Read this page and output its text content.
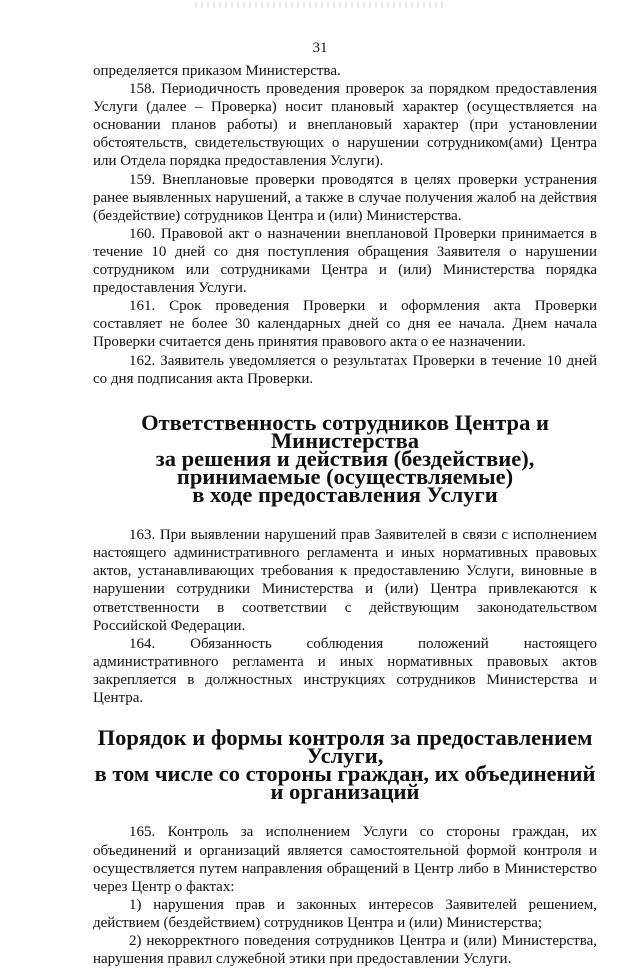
31

определяется приказом Министерства.

158. Периодичность проведения проверок за порядком предоставления Услуги (далее – Проверка) носит плановый характер (осуществляется на основании планов работы) и внеплановый характер (при установлении обстоятельств, свидетельствующих о нарушении сотрудником(ами) Центра или Отдела порядка предоставления Услуги).

159. Внеплановые проверки проводятся в целях проверки устранения ранее выявленных нарушений, а также в случае получения жалоб на действия (бездействие) сотрудников Центра и (или) Министерства.

160. Правовой акт о назначении внеплановой Проверки принимается в течение 10 дней со дня поступления обращения Заявителя о нарушении сотрудником или сотрудниками Центра и (или) Министерства порядка предоставления Услуги.

161. Срок проведения Проверки и оформления акта Проверки составляет не более 30 календарных дней со дня ее начала. Днем начала Проверки считается день принятия правового акта о ее назначении.

162. Заявитель уведомляется о результатах Проверки в течение 10 дней со дня подписания акта Проверки.

Ответственность сотрудников Центра и Министерства
за решения и действия (бездействие), принимаемые (осуществляемые)
в ходе предоставления Услуги

163. При выявлении нарушений прав Заявителей в связи с исполнением настоящего административного регламента и иных нормативных правовых актов, устанавливающих требования к предоставлению Услуги, виновные в нарушении сотрудники Министерства и (или) Центра привлекаются к ответственности в соответствии с действующим законодательством Российской Федерации.

164. Обязанность соблюдения положений настоящего административного регламента и иных нормативных правовых актов закрепляется в должностных инструкциях сотрудников Министерства и Центра.

Порядок и формы контроля за предоставлением Услуги,
в том числе со стороны граждан, их объединений и организаций

165. Контроль за исполнением Услуги со стороны граждан, их объединений и организаций является самостоятельной формой контроля и осуществляется путем направления обращений в Центр либо в Министерство через Центр о фактах:

1) нарушения прав и законных интересов Заявителей решением, действием (бездействием) сотрудников Центра и (или) Министерства;

2) некорректного поведения сотрудников Центра и (или) Министерства, нарушения правил служебной этики при предоставлении Услуги.
